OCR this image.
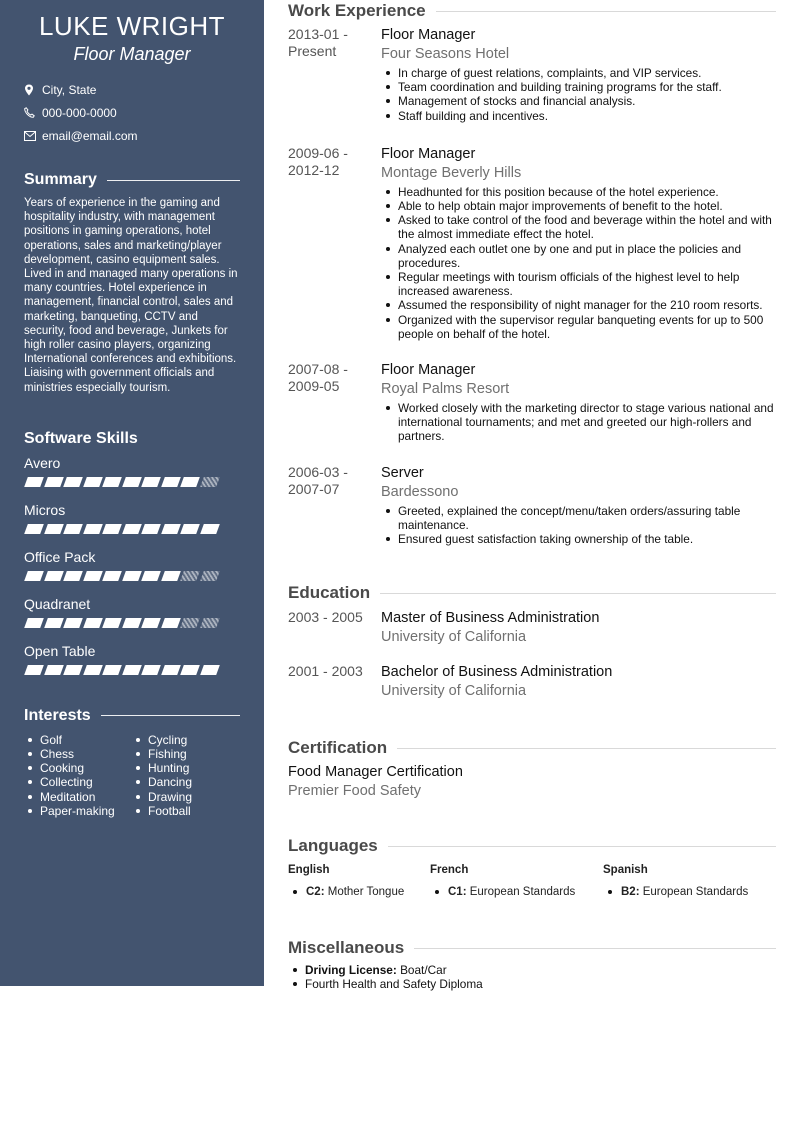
LUKE WRIGHT
Floor Manager
City, State
000-000-0000
email@email.com
Summary
Years of experience in the gaming and hospitality industry, with management positions in gaming operations, hotel operations, sales and marketing/player development, casino equipment sales. Lived in and managed many operations in many countries. Hotel experience in management, financial control, sales and marketing, banqueting, CCTV and security, food and beverage, Junkets for high roller casino players, organizing International conferences and exhibitions. Liaising with government officials and ministries especially tourism.
Software Skills
Avero
Micros
Office Pack
Quadranet
Open Table
Interests
Golf
Chess
Cooking
Collecting
Meditation
Paper-making
Cycling
Fishing
Hunting
Dancing
Drawing
Football
Work Experience
2013-01 -
Present
Floor Manager
Four Seasons Hotel
In charge of guest relations, complaints, and VIP services.
Team coordination and building training programs for the staff.
Management of stocks and financial analysis.
Staff building and incentives.
2009-06 -
2012-12
Floor Manager
Montage Beverly Hills
Headhunted for this position because of the hotel experience.
Able to help obtain major improvements of benefit to the hotel.
Asked to take control of the food and beverage within the hotel and with the almost immediate effect the hotel.
Analyzed each outlet one by one and put in place the policies and procedures.
Regular meetings with tourism officials of the highest level to help increased awareness.
Assumed the responsibility of night manager for the 210 room resorts.
Organized with the supervisor regular banqueting events for up to 500 people on behalf of the hotel.
2007-08 -
2009-05
Floor Manager
Royal Palms Resort
Worked closely with the marketing director to stage various national and international tournaments; and met and greeted our high-rollers and partners.
2006-03 -
2007-07
Server
Bardessono
Greeted, explained the concept/menu/taken orders/assuring table maintenance.
Ensured guest satisfaction taking ownership of the table.
Education
2003 - 2005	Master of Business Administration
University of California
2001 - 2003	Bachelor of Business Administration
University of California
Certification
Food Manager Certification
Premier Food Safety
Languages
English
C2: Mother Tongue
French
C1: European Standards
Spanish
B2: European Standards
Miscellaneous
Driving License: Boat/Car
Fourth Health and Safety Diploma
